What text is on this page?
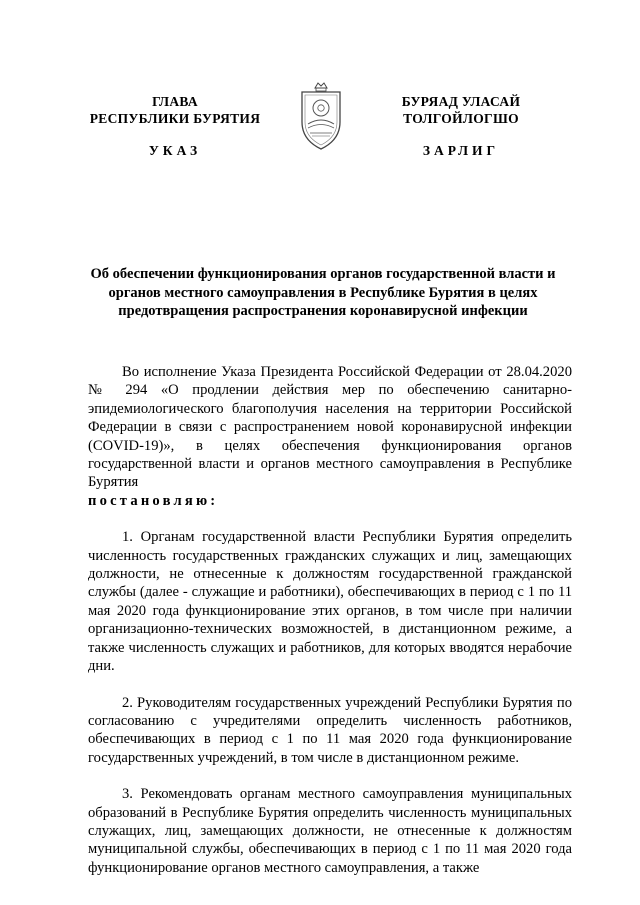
ГЛАВА
РЕСПУБЛИКИ БУРЯТИЯ
БУРЯАД УЛАСАЙ
ТОЛГОЙЛОГШО
УКАЗ	ЗАРЛИГ
Об обеспечении функционирования органов государственной власти и органов местного самоуправления в Республике Бурятия в целях предотвращения распространения коронавирусной инфекции

Во исполнение Указа Президента Российской Федерации от 28.04.2020 № 294 «О продлении действия мер по обеспечению санитарно-эпидемиологического благополучия населения на территории Российской Федерации в связи с распространением новой коронавирусной инфекции (COVID-19)», в целях обеспечения функционирования органов государственной власти и органов местного самоуправления в Республике Бурятия
постановляю:

1. Органам государственной власти Республики Бурятия определить численность государственных гражданских служащих и лиц, замещающих должности, не отнесенные к должностям государственной гражданской службы (далее - служащие и работники), обеспечивающих в период с 1 по 11 мая 2020 года функционирование этих органов, в том числе при наличии организационно-технических возможностей, в дистанционном режиме, а также численность служащих и работников, для которых вводятся нерабочие дни.

2. Руководителям государственных учреждений Республики Бурятия по согласованию с учредителями определить численность работников, обеспечивающих в период с 1 по 11 мая 2020 года функционирование государственных учреждений, в том числе в дистанционном режиме.

3. Рекомендовать органам местного самоуправления муниципальных образований в Республике Бурятия определить численность муниципальных служащих, лиц, замещающих должности, не отнесенные к должностям муниципальной службы, обеспечивающих в период с 1 по 11 мая 2020 года функционирование органов местного самоуправления, а также
